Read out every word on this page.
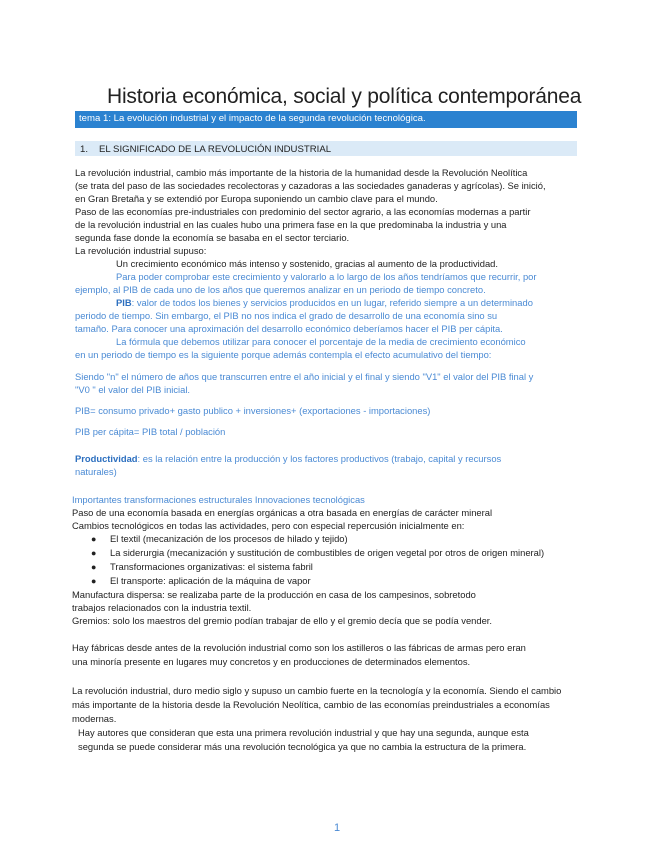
Historia económica, social y política contemporánea
tema 1: La evolución industrial y el impacto de la segunda revolución tecnológica.
1. EL SIGNIFICADO DE LA REVOLUCIÓN INDUSTRIAL
La revolución industrial, cambio más importante de la historia de la humanidad desde la Revolución Neolítica
(se trata del paso de las sociedades recolectoras y cazadoras a las sociedades ganaderas y agrícolas). Se inició,
en Gran Bretaña y se extendió por Europa suponiendo un cambio clave para el mundo.
Paso de las economías pre-industriales con predominio del sector agrario, a las economías modernas a partir
de la revolución industrial en las cuales hubo una primera fase en la que predominaba la industria y una
segunda fase donde la economía se basaba en el sector terciario.
La revolución industrial supuso:
Un crecimiento económico más intenso y sostenido, gracias al aumento de la productividad.
Para poder comprobar este crecimiento y valorarlo a lo largo de los años tendríamos que recurrir, por
ejemplo, al PIB de cada uno de los años que queremos analizar en un periodo de tiempo concreto.
PIB: valor de todos los bienes y servicios producidos en un lugar, referido siempre a un determinado
periodo de tiempo. Sin embargo, el PIB no nos indica el grado de desarrollo de una economía sino su
tamaño. Para conocer una aproximación del desarrollo económico deberíamos hacer el PIB per cápita.
La fórmula que debemos utilizar para conocer el porcentaje de la media de crecimiento económico
en un periodo de tiempo es la siguiente porque además contempla el efecto acumulativo del tiempo:
Siendo "n" el número de años que transcurren entre el año inicial y el final y siendo "V1" el valor del PIB final y
"V0 " el valor del PIB inicial.
PIB= consumo privado+ gasto publico + inversiones+ (exportaciones - importaciones)
PIB per cápita= PIB total / población
Productividad: es la relación entre la producción y los factores productivos (trabajo, capital y recursos
naturales)
Importantes transformaciones estructurales Innovaciones tecnológicas
Paso de una economía basada en energías orgánicas a otra basada en energías de carácter mineral
Cambios tecnológicos en todas las actividades, pero con especial repercusión inicialmente en:
● El textil (mecanización de los procesos de hilado y tejido)
● La siderurgia (mecanización y sustitución de combustibles de origen vegetal por otros de origen mineral)
● Transformaciones organizativas: el sistema fabril
● El transporte: aplicación de la máquina de vapor
Manufactura dispersa: se realizaba parte de la producción en casa de los campesinos, sobretodo
trabajos relacionados con la industria textil.
Gremios: solo los maestros del gremio podían trabajar de ello y el gremio decía que se podía vender.
Hay fábricas desde antes de la revolución industrial como son los astilleros o las fábricas de armas pero eran
una minoría presente en lugares muy concretos y en producciones de determinados elementos.
La revolución industrial, duro medio siglo y supuso un cambio fuerte en la tecnología y la economía. Siendo el cambio
más importante de la historia desde la Revolución Neolítica, cambio de las economías preindustriales a economías
modernas.
Hay autores que consideran que esta una primera revolución industrial y que hay una segunda, aunque esta
segunda se puede considerar más una revolución tecnológica ya que no cambia la estructura de la primera.
1
